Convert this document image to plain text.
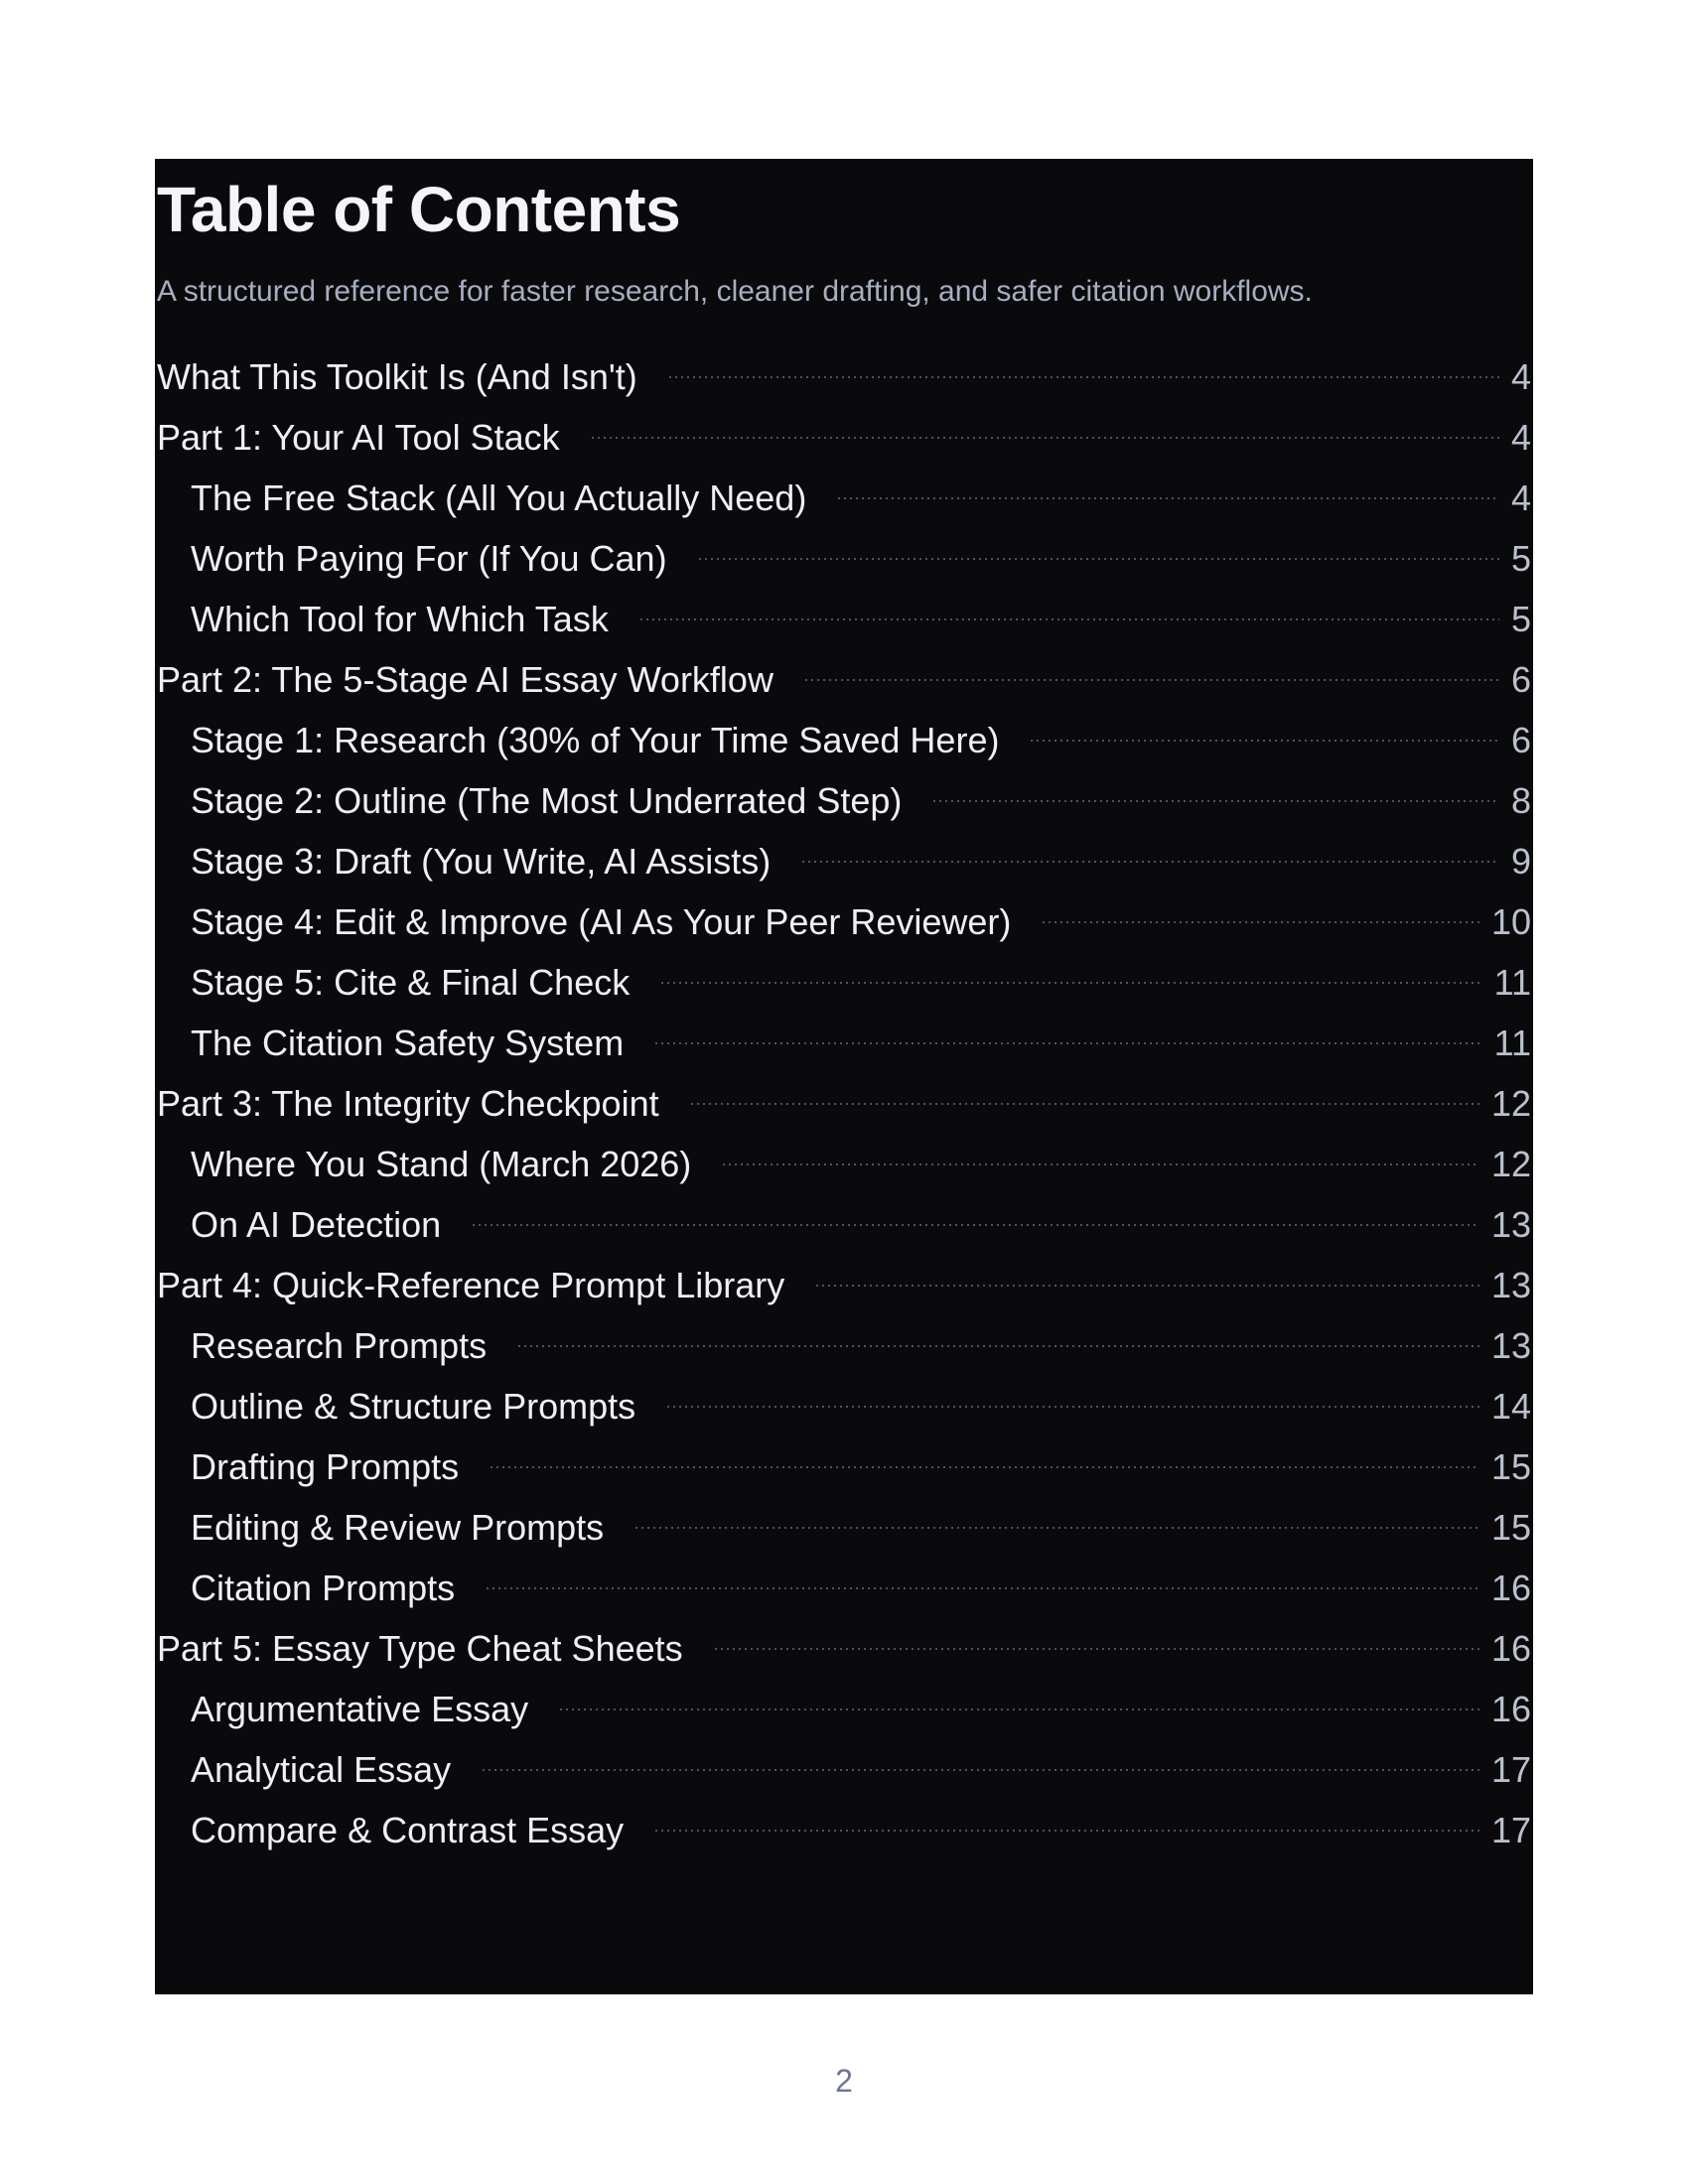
Table of Contents

A structured reference for faster research, cleaner drafting, and safer citation workflows.

What This Toolkit Is (And Isn't)	4
Part 1: Your AI Tool Stack	4
The Free Stack (All You Actually Need)	4
Worth Paying For (If You Can)	5
Which Tool for Which Task	5
Part 2: The 5-Stage AI Essay Workflow	6
Stage 1: Research (30% of Your Time Saved Here)	6
Stage 2: Outline (The Most Underrated Step)	8
Stage 3: Draft (You Write, AI Assists)	9
Stage 4: Edit & Improve (AI As Your Peer Reviewer)	10
Stage 5: Cite & Final Check	11
The Citation Safety System	11
Part 3: The Integrity Checkpoint	12
Where You Stand (March 2026)	12
On AI Detection	13
Part 4: Quick-Reference Prompt Library	13
Research Prompts	13
Outline & Structure Prompts	14
Drafting Prompts	15
Editing & Review Prompts	15
Citation Prompts	16
Part 5: Essay Type Cheat Sheets	16
Argumentative Essay	16
Analytical Essay	17
Compare & Contrast Essay	17
2
